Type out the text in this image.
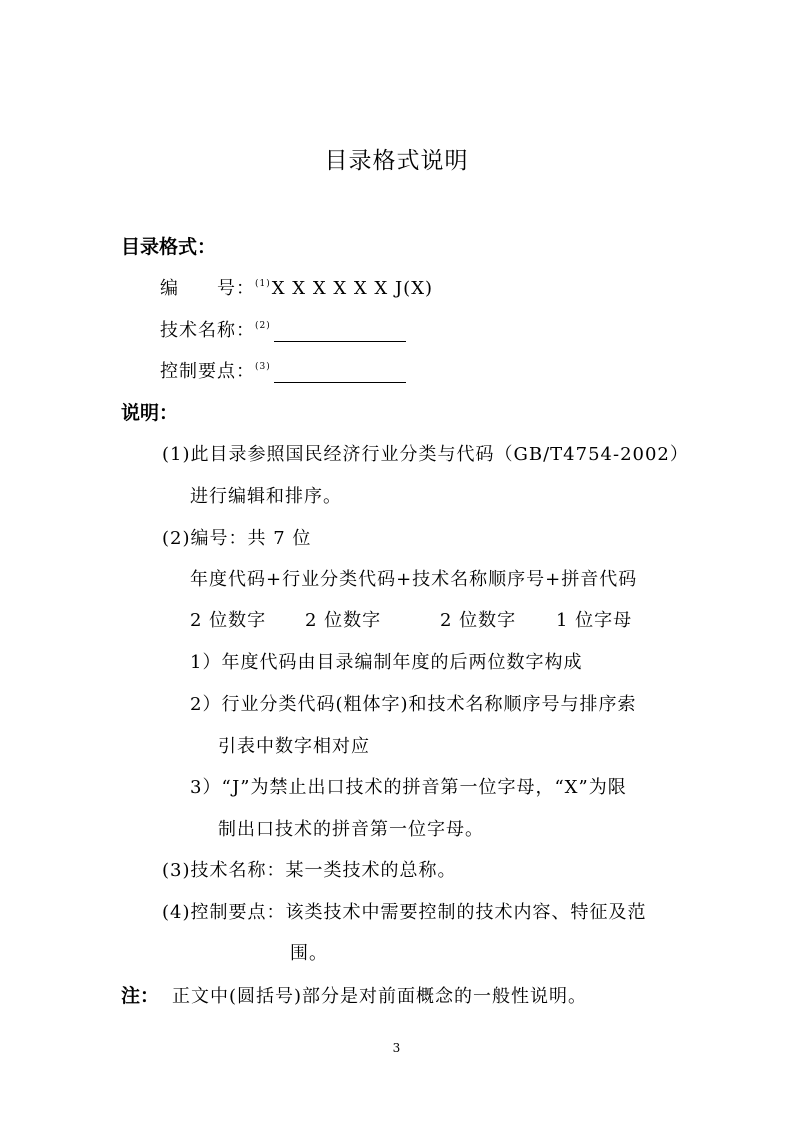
目录格式说明
目录格式：
编　　号：$^{(1)}$X X X X X X J(X)
技术名称：$^{(2)}$
控制要点：$^{(3)}$
说明：
(1)此目录参照国民经济行业分类与代码（GB/T4754-2002）
进行编辑和排序。
(2)编号：共 7 位
年度代码+行业分类代码+技术名称顺序号+拼音代码
2 位数字 2 位数字	2 位数字 1 位字母
1）年度代码由目录编制年度的后两位数字构成
2）行业分类代码(粗体字)和技术名称顺序号与排序索
引表中数字相对应
3）“J”为禁止出口技术的拼音第一位字母，“X”为限
制出口技术的拼音第一位字母。
(3)技术名称：某一类技术的总称。
(4)控制要点：该类技术中需要控制的技术内容、特征及范
围。
注： 正文中(圆括号)部分是对前面概念的一般性说明。
3
